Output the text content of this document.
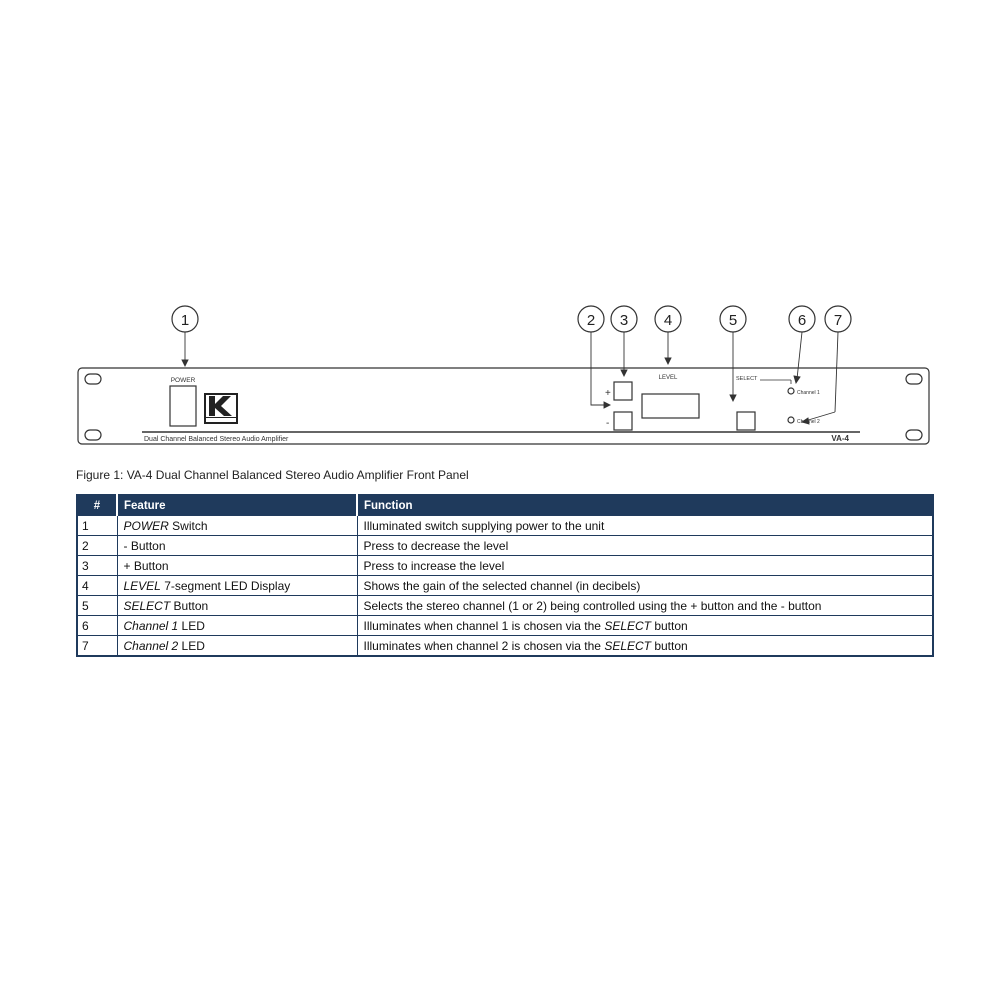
1	2 3 4	5	6 7
POWER	LEVEL	SELECT
Channel 1
Channel 2
+
-
Dual Channel Balanced Stereo Audio Amplifier	VA-4
Figure 1: VA-4 Dual Channel Balanced Stereo Audio Amplifier Front Panel
#	Feature	Function
1	POWER Switch	Illuminated switch supplying power to the unit
2	- Button	Press to decrease the level
3	+ Button	Press to increase the level
4	LEVEL 7-segment LED Display	Shows the gain of the selected channel (in decibels)
5	SELECT Button	Selects the stereo channel (1 or 2) being controlled using the + button and the - button
6	Channel 1 LED	Illuminates when channel 1 is chosen via the SELECT button
7	Channel 2 LED	Illuminates when channel 2 is chosen via the SELECT button
